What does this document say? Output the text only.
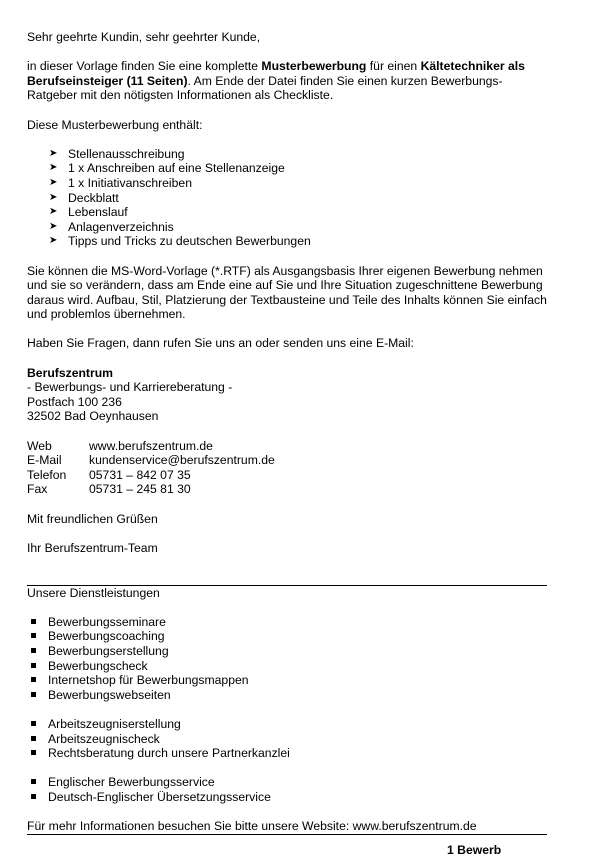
Sehr geehrte Kundin, sehr geehrter Kunde,

in dieser Vorlage finden Sie eine komplette Musterbewerbung für einen Kältetechniker als Berufseinsteiger (11 Seiten). Am Ende der Datei finden Sie einen kurzen Bewerbungs-Ratgeber mit den nötigsten Informationen als Checkliste.

Diese Musterbewerbung enthält:

➤ Stellenausschreibung
➤ 1 x Anschreiben auf eine Stellenanzeige
➤ 1 x Initiativanschreiben
➤ Deckblatt
➤ Lebenslauf
➤ Anlagenverzeichnis
➤ Tipps und Tricks zu deutschen Bewerbungen

Sie können die MS-Word-Vorlage (*.RTF) als Ausgangsbasis Ihrer eigenen Bewerbung nehmen und sie so verändern, dass am Ende eine auf Sie und Ihre Situation zugeschnittene Bewerbung daraus wird. Aufbau, Stil, Platzierung der Textbausteine und Teile des Inhalts können Sie einfach und problemlos übernehmen.

Haben Sie Fragen, dann rufen Sie uns an oder senden uns eine E-Mail:

Berufszentrum

- Bewerbungs- und Karriereberatung -

Postfach 100 236

32502 Bad Oeynhausen

Web	www.berufszentrum.de
E-Mail	kundenservice@berufszentrum.de
Telefon	05731 – 842 07 35
Fax	05731 – 245 81 30

Mit freundlichen Grüßen

Ihr Berufszentrum-Team

Unsere Dienstleistungen

Bewerbungsseminare
Bewerbungscoaching
Bewerbungserstellung
Bewerbungscheck
Internetshop für Bewerbungsmappen
Bewerbungswebseiten
Arbeitszeugniserstellung
Arbeitszeugnischeck
Rechtsberatung durch unsere Partnerkanzlei
Englischer Bewerbungsservice
Deutsch-Englischer Übersetzungsservice

Für mehr Informationen besuchen Sie bitte unsere Website: www.berufszentrum.de

1 Bewerb
